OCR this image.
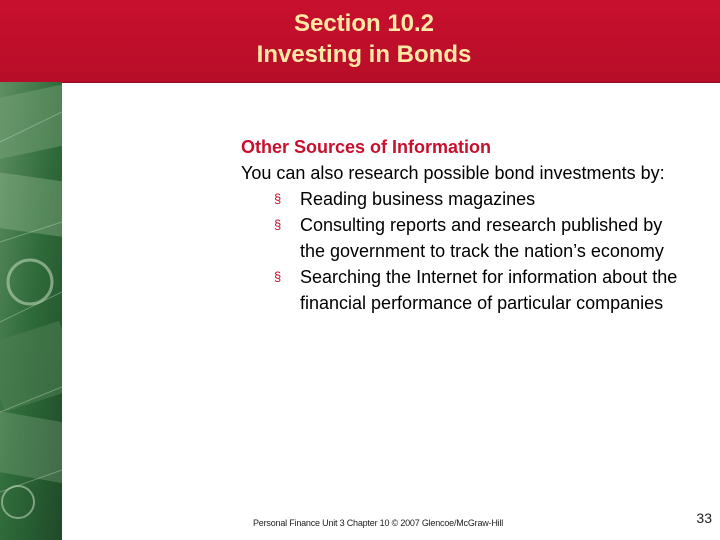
Section 10.2
Investing in Bonds
Other Sources of Information
You can also research possible bond investments by:
§ Reading business magazines
§ Consulting reports and research published by the government to track the nation’s economy
§ Searching the Internet for information about the financial performance of particular companies
Personal Finance Unit 3 Chapter 10 © 2007 Glencoe/McGraw-Hill	33
